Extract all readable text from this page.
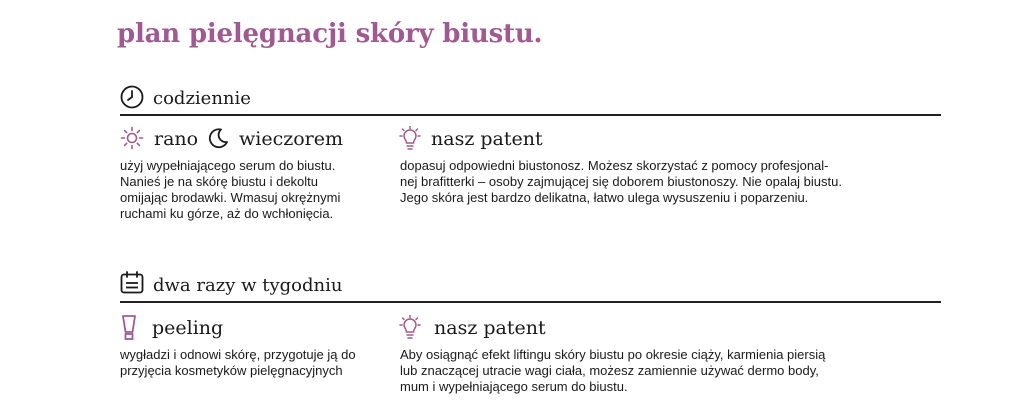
plan pielęgnacji skóry biustu.
codziennie
rano wieczorem
użyj wypełniającego serum do biustu.
Nanieś je na skórę biustu i dekoltu
omijając brodawki. Wmasuj okrężnymi
ruchami ku górze, aż do wchłonięcia.
nasz patent
dopasuj odpowiedni biustonosz. Możesz skorzystać z pomocy profesjonal-
nej brafitterki – osoby zajmującej się doborem biustonoszy. Nie opalaj biustu.
Jego skóra jest bardzo delikatna, łatwo ulega wysuszeniu i poparzeniu.
dwa razy w tygodniu
peeling
wygładzi i odnowi skórę, przygotuje ją do
przyjęcia kosmetyków pielęgnacyjnych
nasz patent
Aby osiągnąć efekt liftingu skóry biustu po okresie ciąży, karmienia piersią
lub znaczącej utracie wagi ciała, możesz zamiennie używać dermo body,
mum i wypełniającego serum do biustu.
